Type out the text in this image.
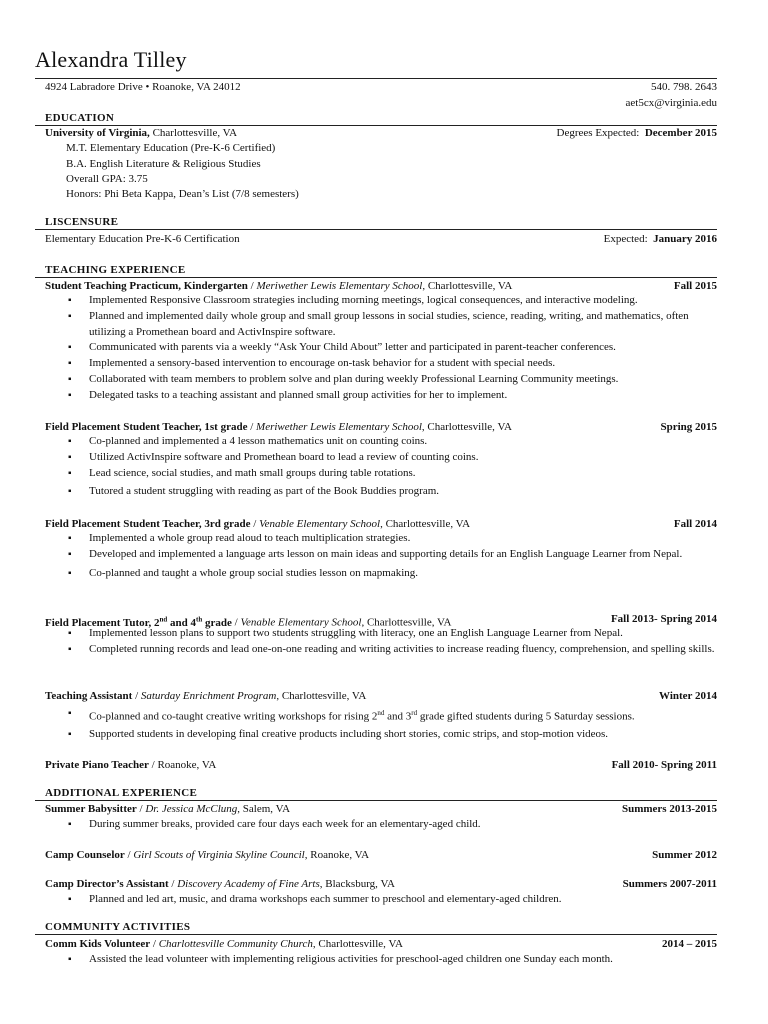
Alexandra Tilley
4924 Labradore Drive • Roanoke, VA 24012	540. 798. 2643
aet5cx@virginia.edu
EDUCATION
University of Virginia, Charlottesville, VA	Degrees Expected: December 2015
M.T. Elementary Education (Pre-K-6 Certified)
B.A. English Literature & Religious Studies
Overall GPA: 3.75
Honors: Phi Beta Kappa, Dean’s List (7/8 semesters)
LISCENSURE
Elementary Education Pre-K-6 Certification	Expected: January 2016
TEACHING EXPERIENCE
Student Teaching Practicum, Kindergarten / Meriwether Lewis Elementary School, Charlottesville, VA	Fall 2015
▪ Implemented Responsive Classroom strategies including morning meetings, logical consequences, and interactive modeling.
▪ Planned and implemented daily whole group and small group lessons in social studies, science, reading, writing, and mathematics, often utilizing a Promethean board and ActivInspire software.
▪ Communicated with parents via a weekly “Ask Your Child About” letter and participated in parent-teacher conferences.
▪ Implemented a sensory-based intervention to encourage on-task behavior for a student with special needs.
▪ Collaborated with team members to problem solve and plan during weekly Professional Learning Community meetings.
▪ Delegated tasks to a teaching assistant and planned small group activities for her to implement.
Field Placement Student Teacher, 1st grade / Meriwether Lewis Elementary School, Charlottesville, VA	Spring 2015
▪ Co-planned and implemented a 4 lesson mathematics unit on counting coins.
▪ Utilized ActivInspire software and Promethean board to lead a review of counting coins.
▪ Lead science, social studies, and math small groups during table rotations.
▪ Tutored a student struggling with reading as part of the Book Buddies program.
Field Placement Student Teacher, 3rd grade / Venable Elementary School, Charlottesville, VA	Fall 2014
▪ Implemented a whole group read aloud to teach multiplication strategies.
▪ Developed and implemented a language arts lesson on main ideas and supporting details for an English Language Learner from Nepal.
▪ Co-planned and taught a whole group social studies lesson on mapmaking.
Field Placement Tutor, 2nd and 4th grade / Venable Elementary School, Charlottesville, VA	Fall 2013- Spring 2014
▪ Implemented lesson plans to support two students struggling with literacy, one an English Language Learner from Nepal.
▪ Completed running records and lead one-on-one reading and writing activities to increase reading fluency, comprehension, and spelling skills.
Teaching Assistant / Saturday Enrichment Program, Charlottesville, VA	Winter 2014
▪ Co-planned and co-taught creative writing workshops for rising 2nd and 3rd grade gifted students during 5 Saturday sessions.
▪ Supported students in developing final creative products including short stories, comic strips, and stop-motion videos.
Private Piano Teacher / Roanoke, VA	Fall 2010- Spring 2011
ADDITIONAL EXPERIENCE
Summer Babysitter / Dr. Jessica McClung, Salem, VA	Summers 2013-2015
▪ During summer breaks, provided care four days each week for an elementary-aged child.
Camp Counselor / Girl Scouts of Virginia Skyline Council, Roanoke, VA	Summer 2012
Camp Director’s Assistant / Discovery Academy of Fine Arts, Blacksburg, VA	Summers 2007-2011
▪ Planned and led art, music, and drama workshops each summer to preschool and elementary-aged children.
COMMUNITY ACTIVITIES
Comm Kids Volunteer / Charlottesville Community Church, Charlottesville, VA	2014 – 2015
▪ Assisted the lead volunteer with implementing religious activities for preschool-aged children one Sunday each month.
